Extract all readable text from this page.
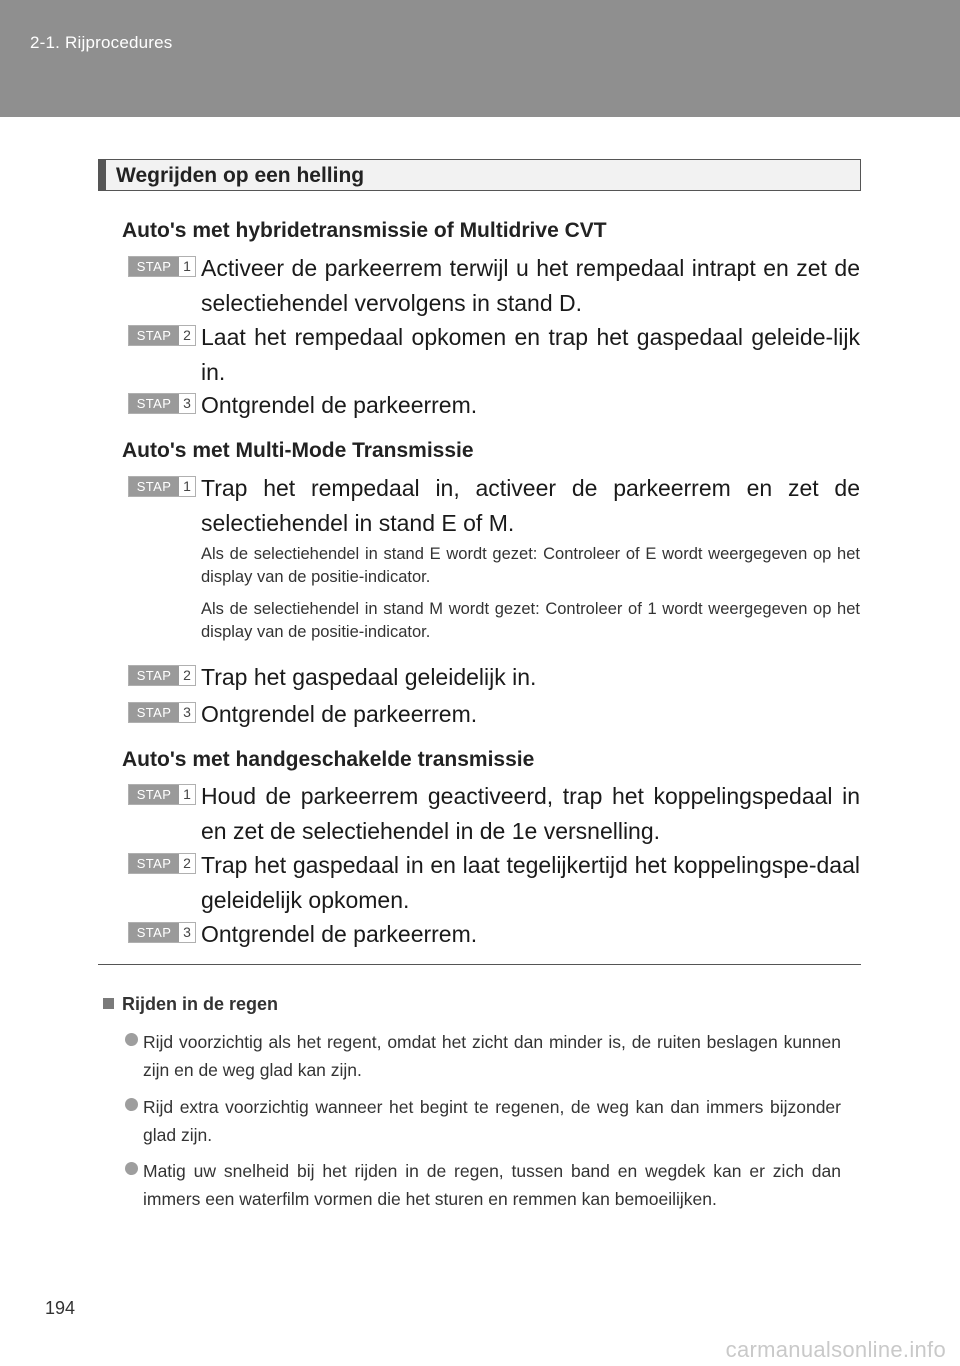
2-1. Rijprocedures
Wegrijden op een helling
Auto's met hybridetransmissie of Multidrive CVT
STAP 1 Activeer de parkeerrem terwijl u het rempedaal intrapt en zet de selectiehendel vervolgens in stand D.
STAP 2 Laat het rempedaal opkomen en trap het gaspedaal geleide-lijk in.
STAP 3 Ontgrendel de parkeerrem.
Auto's met Multi-Mode Transmissie
STAP 1 Trap het rempedaal in, activeer de parkeerrem en zet de selectiehendel in stand E of M.
Als de selectiehendel in stand E wordt gezet: Controleer of E wordt weergegeven op het display van de positie-indicator.
Als de selectiehendel in stand M wordt gezet: Controleer of 1 wordt weergegeven op het display van de positie-indicator.
STAP 2 Trap het gaspedaal geleidelijk in.
STAP 3 Ontgrendel de parkeerrem.
Auto's met handgeschakelde transmissie
STAP 1 Houd de parkeerrem geactiveerd, trap het koppelingspedaal in en zet de selectiehendel in de 1e versnelling.
STAP 2 Trap het gaspedaal in en laat tegelijkertijd het koppelingspe-daal geleidelijk opkomen.
STAP 3 Ontgrendel de parkeerrem.
Rijden in de regen
Rijd voorzichtig als het regent, omdat het zicht dan minder is, de ruiten beslagen kunnen zijn en de weg glad kan zijn.
Rijd extra voorzichtig wanneer het begint te regenen, de weg kan dan immers bijzonder glad zijn.
Matig uw snelheid bij het rijden in de regen, tussen band en wegdek kan er zich dan immers een waterfilm vormen die het sturen en remmen kan bemoeilijken.
194
carmanualsonline.info
